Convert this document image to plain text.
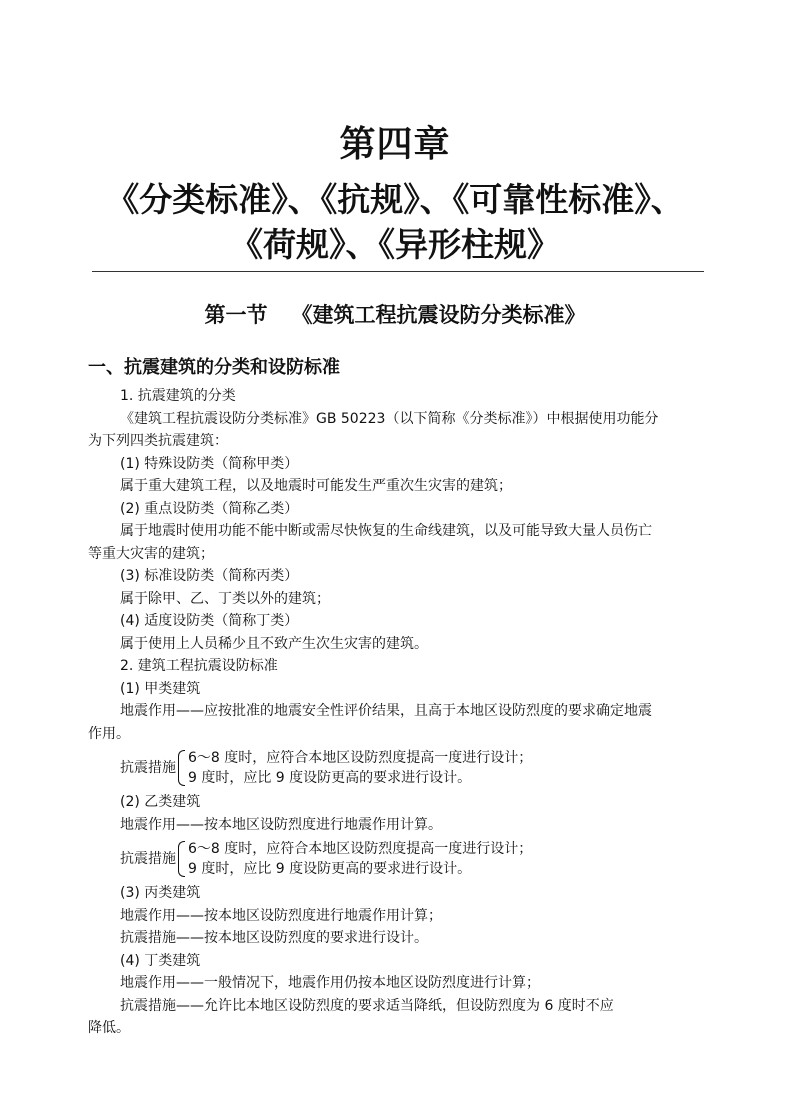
第四章
《分类标准》、《抗规》、《可靠性标准》、
《荷规》、《异形柱规》
第一节 《建筑工程抗震设防分类标准》
一、抗震建筑的分类和设防标准

1. 抗震建筑的分类

《建筑工程抗震设防分类标准》GB 50223（以下简称《分类标准》）中根据使用功能分

为下列四类抗震建筑：

(1) 特殊设防类（简称甲类）

属于重大建筑工程，以及地震时可能发生严重次生灾害的建筑；

(2) 重点设防类（简称乙类）

属于地震时使用功能不能中断或需尽快恢复的生命线建筑，以及可能导致大量人员伤亡

等重大灾害的建筑；

(3) 标准设防类（简称丙类）

属于除甲、乙、丁类以外的建筑；

(4) 适度设防类（简称丁类）

属于使用上人员稀少且不致产生次生灾害的建筑。

2. 建筑工程抗震设防标准

(1) 甲类建筑

地震作用——应按批准的地震安全性评价结果，且高于本地区设防烈度的要求确定地震

作用。

抗震措施
6～8 度时，应符合本地区设防烈度提高一度进行设计；
9 度时，应比 9 度设防更高的要求进行设计。

(2) 乙类建筑

地震作用——按本地区设防烈度进行地震作用计算。

抗震措施
6～8 度时，应符合本地区设防烈度提高一度进行设计；
9 度时，应比 9 度设防更高的要求进行设计。

(3) 丙类建筑

地震作用——按本地区设防烈度进行地震作用计算；

抗震措施——按本地区设防烈度的要求进行设计。

(4) 丁类建筑

地震作用——一般情况下，地震作用仍按本地区设防烈度进行计算；

抗震措施——允许比本地区设防烈度的要求适当降纸，但设防烈度为 6 度时不应

降低。
